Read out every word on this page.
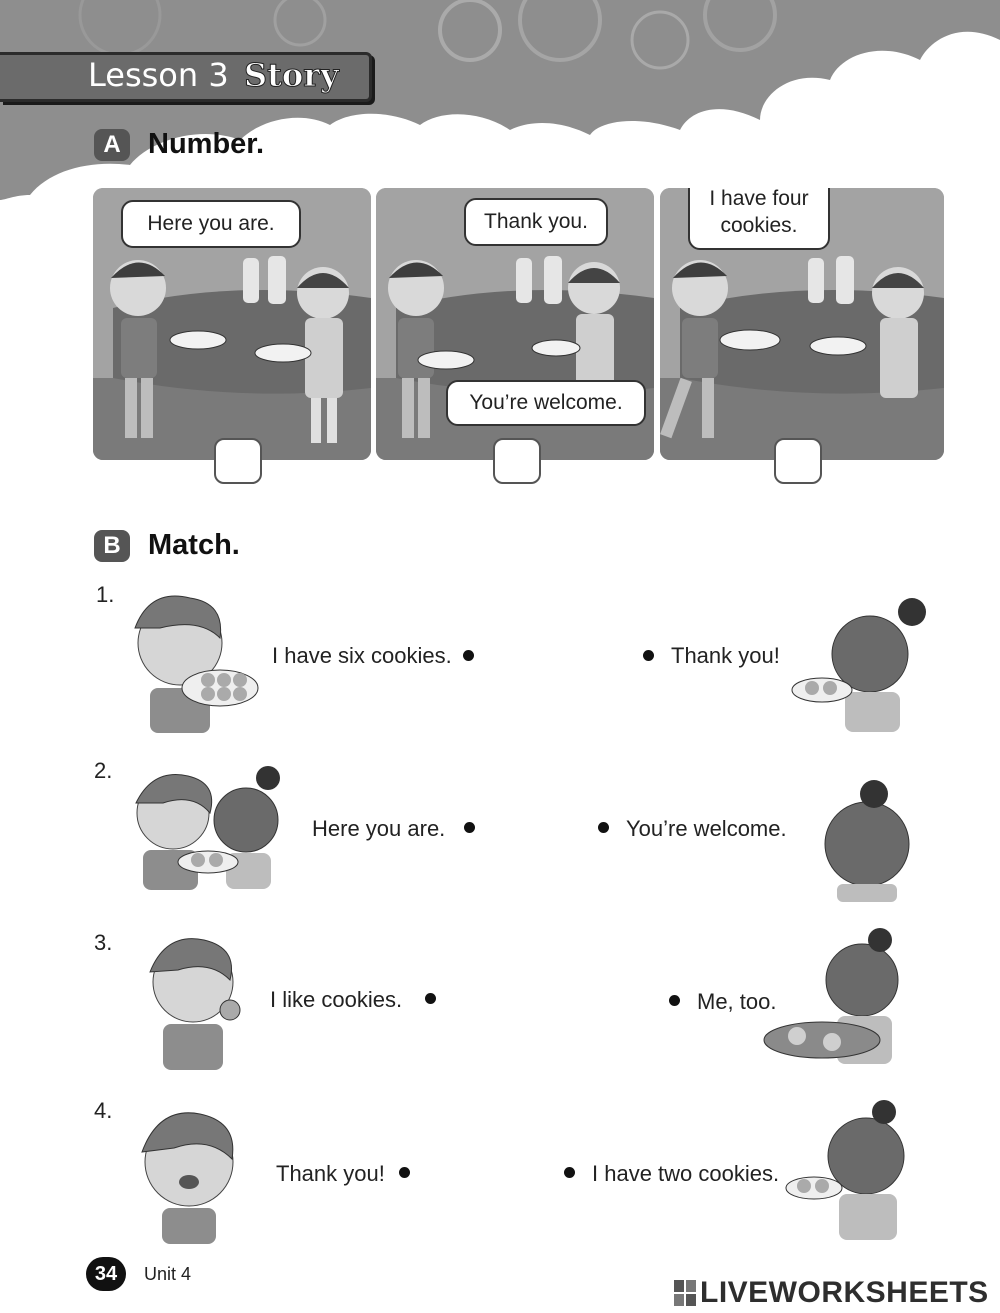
Lesson 3 Story
A Number.
Here you are.	Thank you.
You’re welcome.
I have four cookies.
B Match.
1.
I have six cookies.	Thank you!
2.
Here you are.	You’re welcome.
3.
I like cookies.	Me, too.
4.
Thank you!	I have two cookies.
34	Unit 4
LIVEWORKSHEETS
